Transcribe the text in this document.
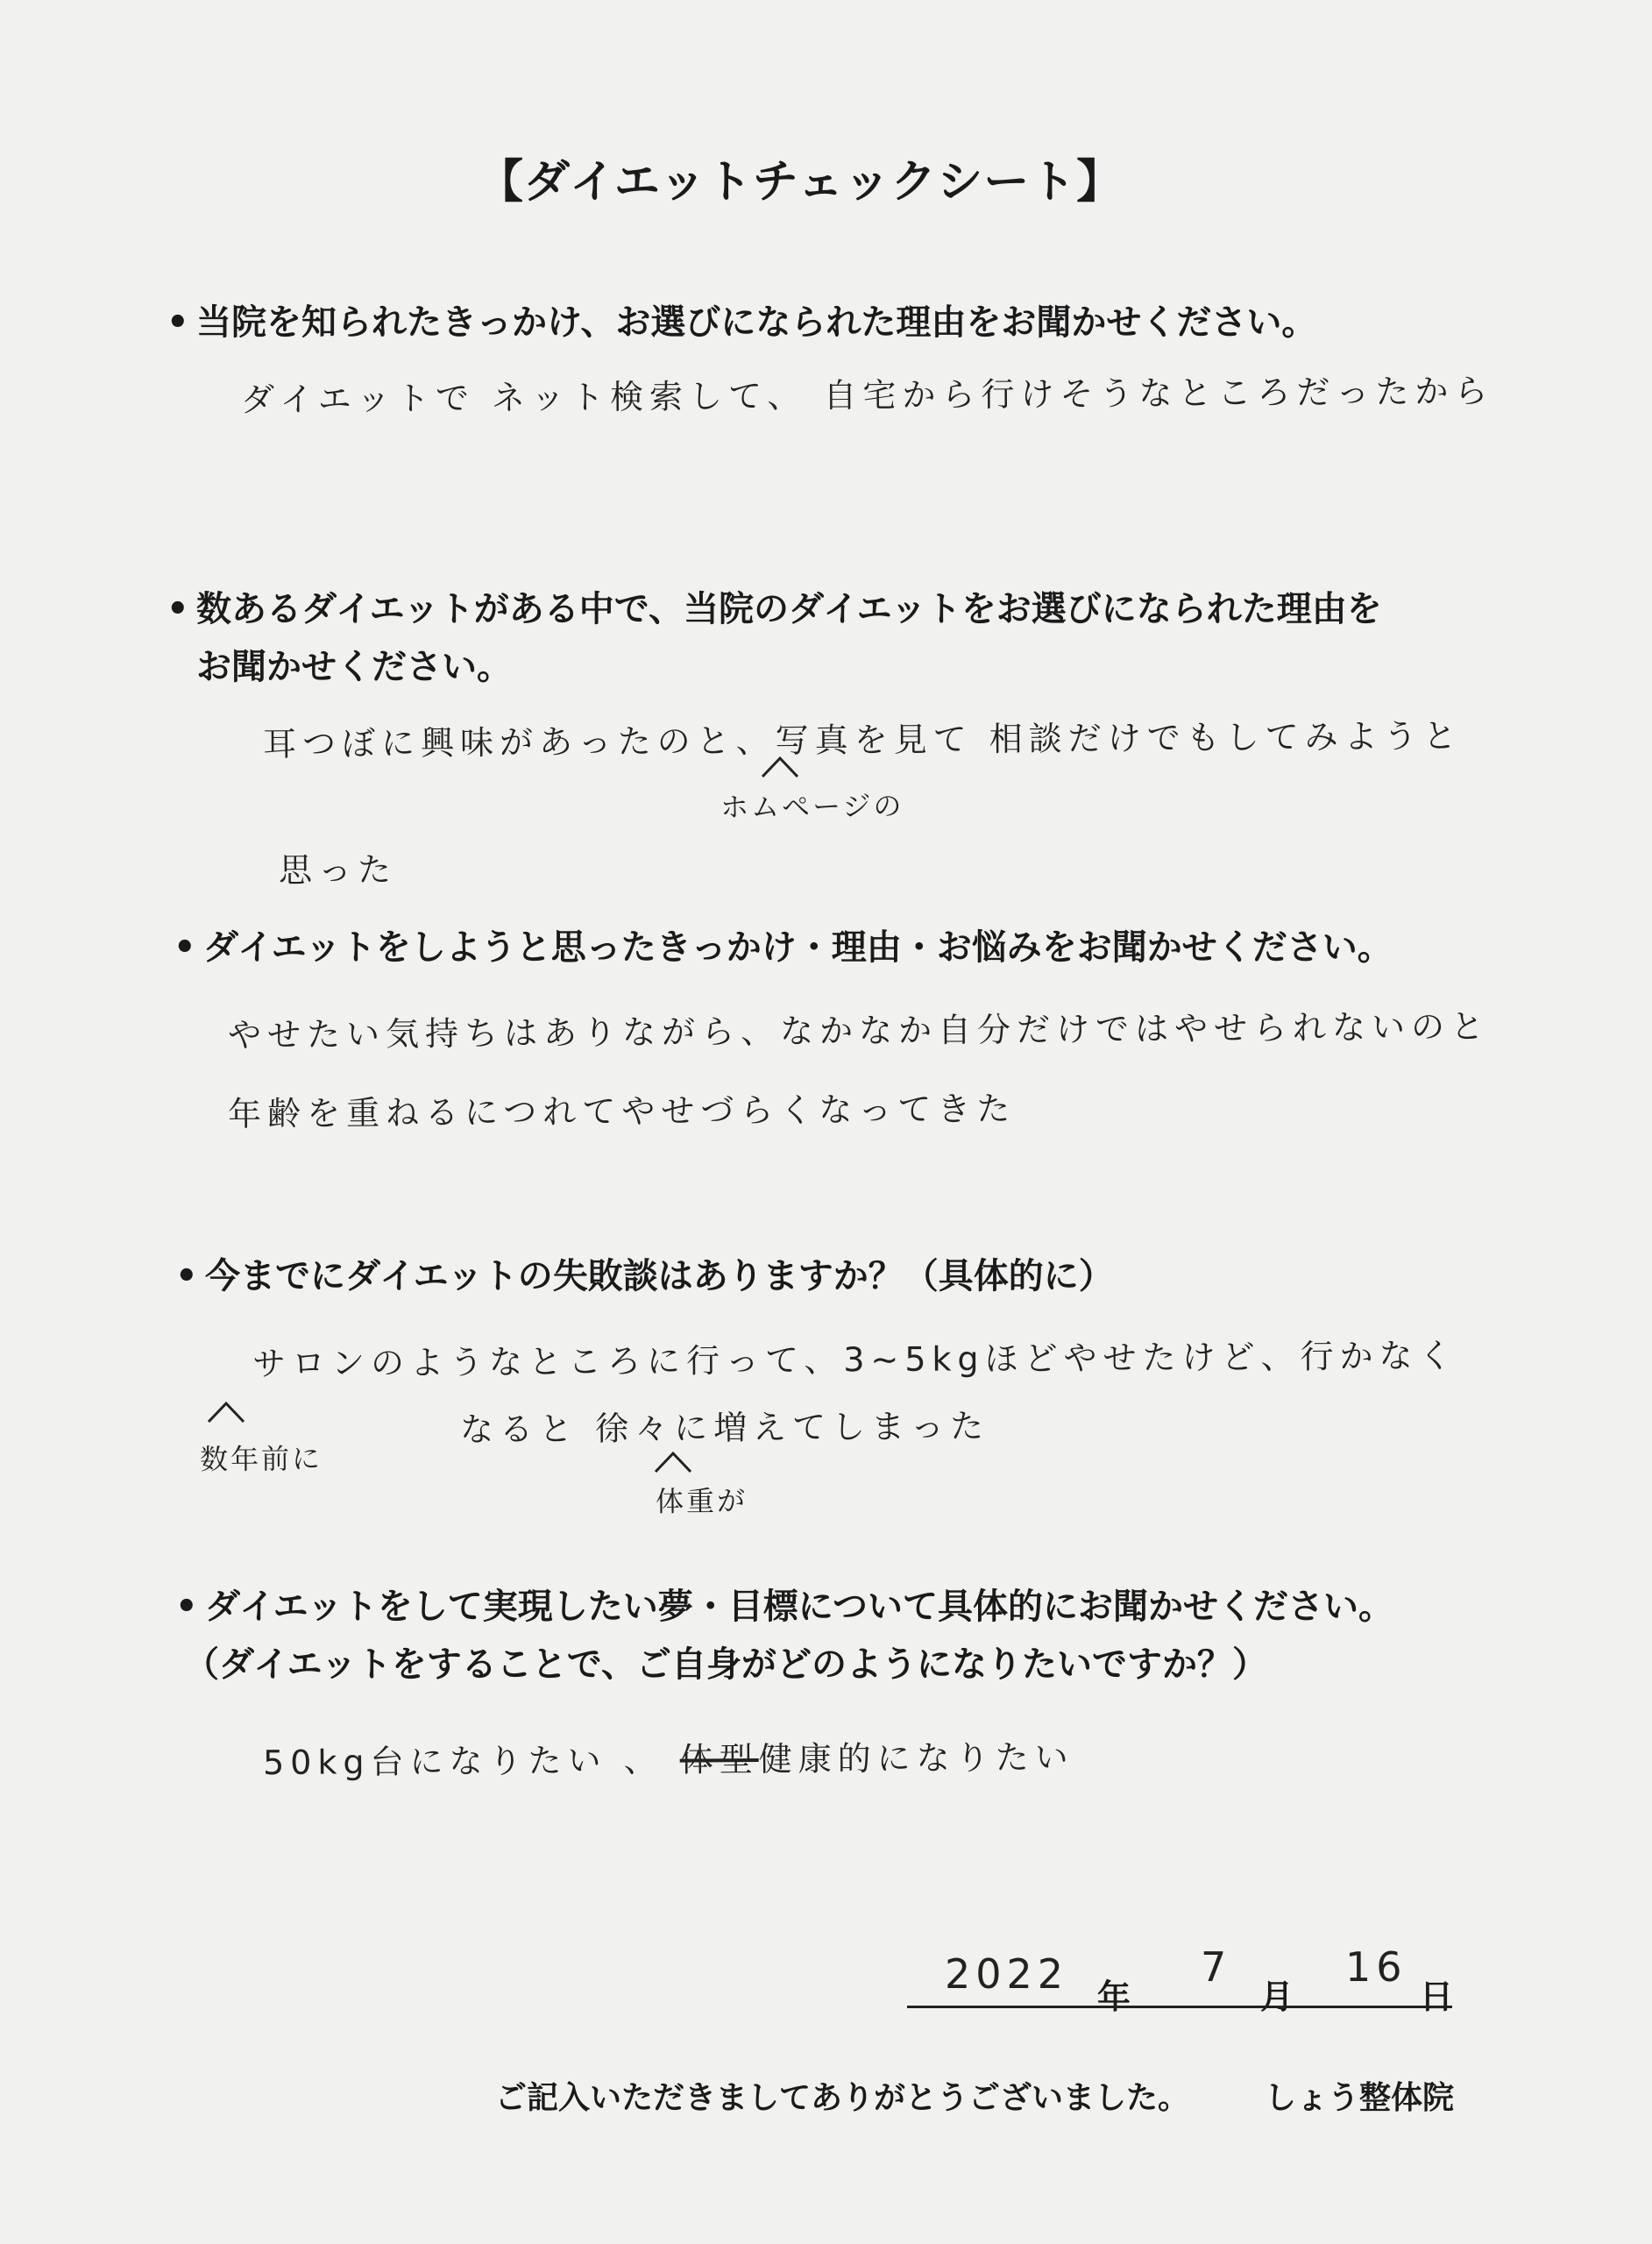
【ダイエットチェックシート】
• 当院を知られたきっかけ、お選びになられた理由をお聞かせください。
ダイエットで ネット検索して、 自宅から行けそうなところだったから
• 数あるダイエットがある中で、当院のダイエットをお選びになられた理由を
お聞かせください。
耳つぼに興味があったのと、写真を見て 相談だけでもしてみようと
ホムページの
思った
• ダイエットをしようと思ったきっかけ・理由・お悩みをお聞かせください。
やせたい気持ちはありながら、なかなか自分だけではやせられないのと
年齢を重ねるにつれてやせづらくなってきた
• 今までにダイエットの失敗談はありますか？（具体的に）
サロンのようなところに行って、3~5kgほどやせたけど、行かなく
数年前に
なると 徐々に増えてしまった
体重が
• ダイエットをして実現したい夢・目標について具体的にお聞かせください。
（ダイエットをすることで、ご自身がどのようになりたいですか？）
50kg台になりたい 、 体型健康的になりたい
2022 年
7
月
16
日
ご記入いただきましてありがとうございました。 しょう整体院
